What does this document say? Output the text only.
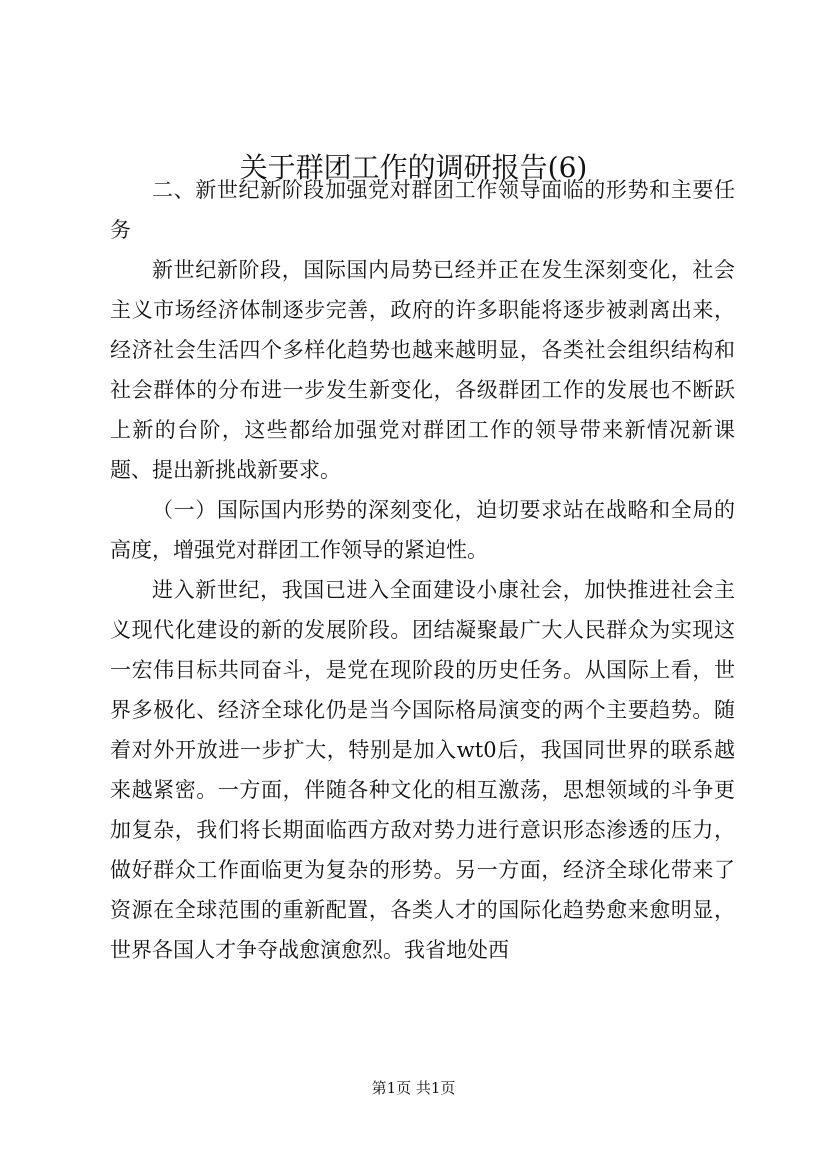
关于群团工作的调研报告(6)

二、新世纪新阶段加强党对群团工作领导面临的形势和主要任务

新世纪新阶段，国际国内局势已经并正在发生深刻变化，社会主义市场经济体制逐步完善，政府的许多职能将逐步被剥离出来，经济社会生活四个多样化趋势也越来越明显，各类社会组织结构和社会群体的分布进一步发生新变化，各级群团工作的发展也不断跃上新的台阶，这些都给加强党对群团工作的领导带来新情况新课题、提出新挑战新要求。

（一）国际国内形势的深刻变化，迫切要求站在战略和全局的高度，增强党对群团工作领导的紧迫性。

进入新世纪，我国已进入全面建设小康社会，加快推进社会主义现代化建设的新的发展阶段。团结凝聚最广大人民群众为实现这一宏伟目标共同奋斗，是党在现阶段的历史任务。从国际上看，世界多极化、经济全球化仍是当今国际格局演变的两个主要趋势。随着对外开放进一步扩大，特别是加入wt0后，我国同世界的联系越来越紧密。一方面，伴随各种文化的相互激荡，思想领域的斗争更加复杂，我们将长期面临西方敌对势力进行意识形态渗透的压力，做好群众工作面临更为复杂的形势。另一方面，经济全球化带来了资源在全球范围的重新配置，各类人才的国际化趋势愈来愈明显，世界各国人才争夺战愈演愈烈。我省地处西

第1页 共1页
